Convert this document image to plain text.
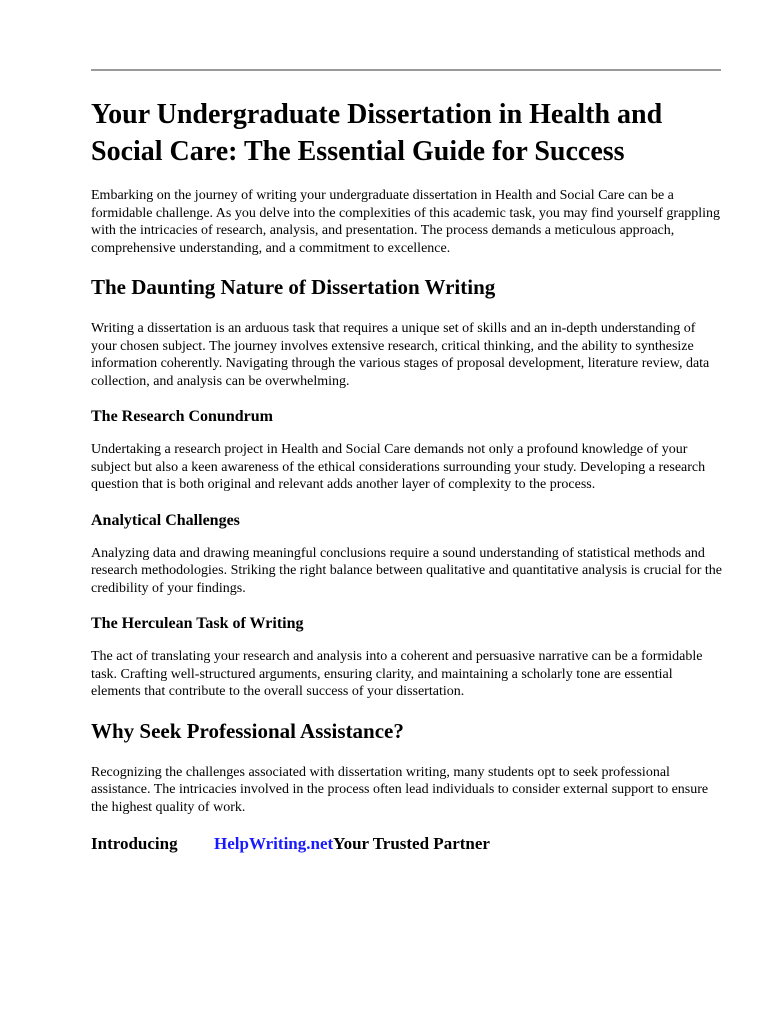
Your Undergraduate Dissertation in Health and Social Care: The Essential Guide for Success

Embarking on the journey of writing your undergraduate dissertation in Health and Social Care can be a formidable challenge. As you delve into the complexities of this academic task, you may find yourself grappling with the intricacies of research, analysis, and presentation. The process demands a meticulous approach, comprehensive understanding, and a commitment to excellence.

The Daunting Nature of Dissertation Writing

Writing a dissertation is an arduous task that requires a unique set of skills and an in-depth understanding of your chosen subject. The journey involves extensive research, critical thinking, and the ability to synthesize information coherently. Navigating through the various stages of proposal development, literature review, data collection, and analysis can be overwhelming.

The Research Conundrum

Undertaking a research project in Health and Social Care demands not only a profound knowledge of your subject but also a keen awareness of the ethical considerations surrounding your study. Developing a research question that is both original and relevant adds another layer of complexity to the process.

Analytical Challenges

Analyzing data and drawing meaningful conclusions require a sound understanding of statistical methods and research methodologies. Striking the right balance between qualitative and quantitative analysis is crucial for the credibility of your findings.

The Herculean Task of Writing

The act of translating your research and analysis into a coherent and persuasive narrative can be a formidable task. Crafting well-structured arguments, ensuring clarity, and maintaining a scholarly tone are essential elements that contribute to the overall success of your dissertation.

Why Seek Professional Assistance?

Recognizing the challenges associated with dissertation writing, many students opt to seek professional assistance. The intricacies involved in the process often lead individuals to consider external support to ensure the highest quality of work.

Introducing HelpWriting.netYour Trusted Partner
